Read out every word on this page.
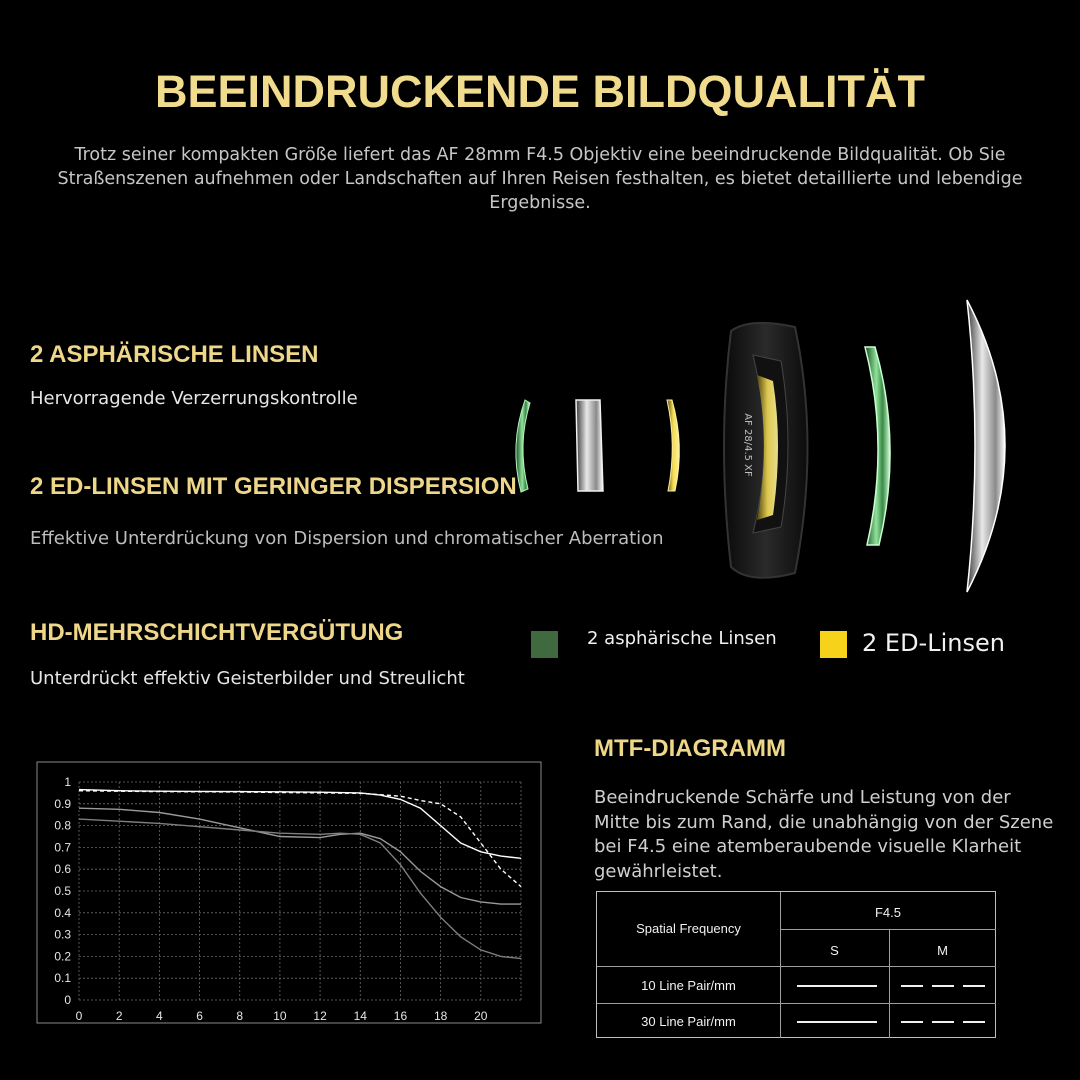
BEEINDRUCKENDE BILDQUALITÄT
Trotz seiner kompakten Größe liefert das AF 28mm F4.5 Objektiv eine beeindruckende Bildqualität. Ob Sie
Straßenszenen aufnehmen oder Landschaften auf Ihren Reisen festhalten, es bietet detaillierte und lebendige
Ergebnisse.
2 ASPHÄRISCHE LINSEN
Hervorragende Verzerrungskontrolle
2 ED-LINSEN MIT GERINGER DISPERSION
Effektive Unterdrückung von Dispersion und chromatischer Aberration
HD-MEHRSCHICHTVERGÜTUNG
Unterdrückt effektiv Geisterbilder und Streulicht
AF 28/4.5 XF
2 asphärische Linsen	2 ED-Linsen
0
0.1
0.2
0.3
0.4
0.5
0.6
0.7
0.8
0.9
1
0	2	4	6	8	10 12 14 16 18 20
MTF-DIAGRAMM
Beeindruckende Schärfe und Leistung von der
Mitte bis zum Rand, die unabhängig von der Szene
bei F4.5 eine atemberaubende visuelle Klarheit
gewährleistet.
Spatial Frequency
F4.5
S	M
10 Line Pair/mm
30 Line Pair/mm
